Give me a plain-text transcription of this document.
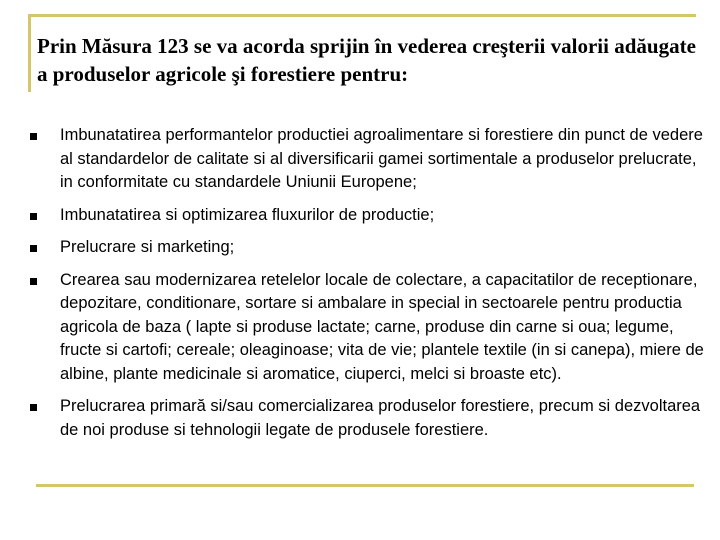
Prin Măsura 123 se va acorda sprijin în vederea creşterii valorii adăugate a produselor agricole şi forestiere pentru:
Imbunatatirea performantelor productiei agroalimentare si forestiere din punct de vedere al standardelor de calitate si al diversificarii gamei sortimentale a produselor prelucrate, in conformitate cu standardele Uniunii Europene;
Imbunatatirea si optimizarea fluxurilor de productie;
Prelucrare si marketing;
Crearea sau modernizarea retelelor locale de colectare, a capacitatilor de receptionare, depozitare, conditionare, sortare si ambalare in special in sectoarele pentru productia agricola de baza ( lapte si produse lactate; carne, produse din carne si oua; legume, fructe si cartofi; cereale; oleaginoase; vita de vie; plantele textile (in si canepa), miere de albine, plante medicinale si aromatice, ciuperci, melci si broaste etc).
Prelucrarea primară si/sau comercializarea produselor forestiere, precum si dezvoltarea de noi produse si tehnologii legate de produsele forestiere.
